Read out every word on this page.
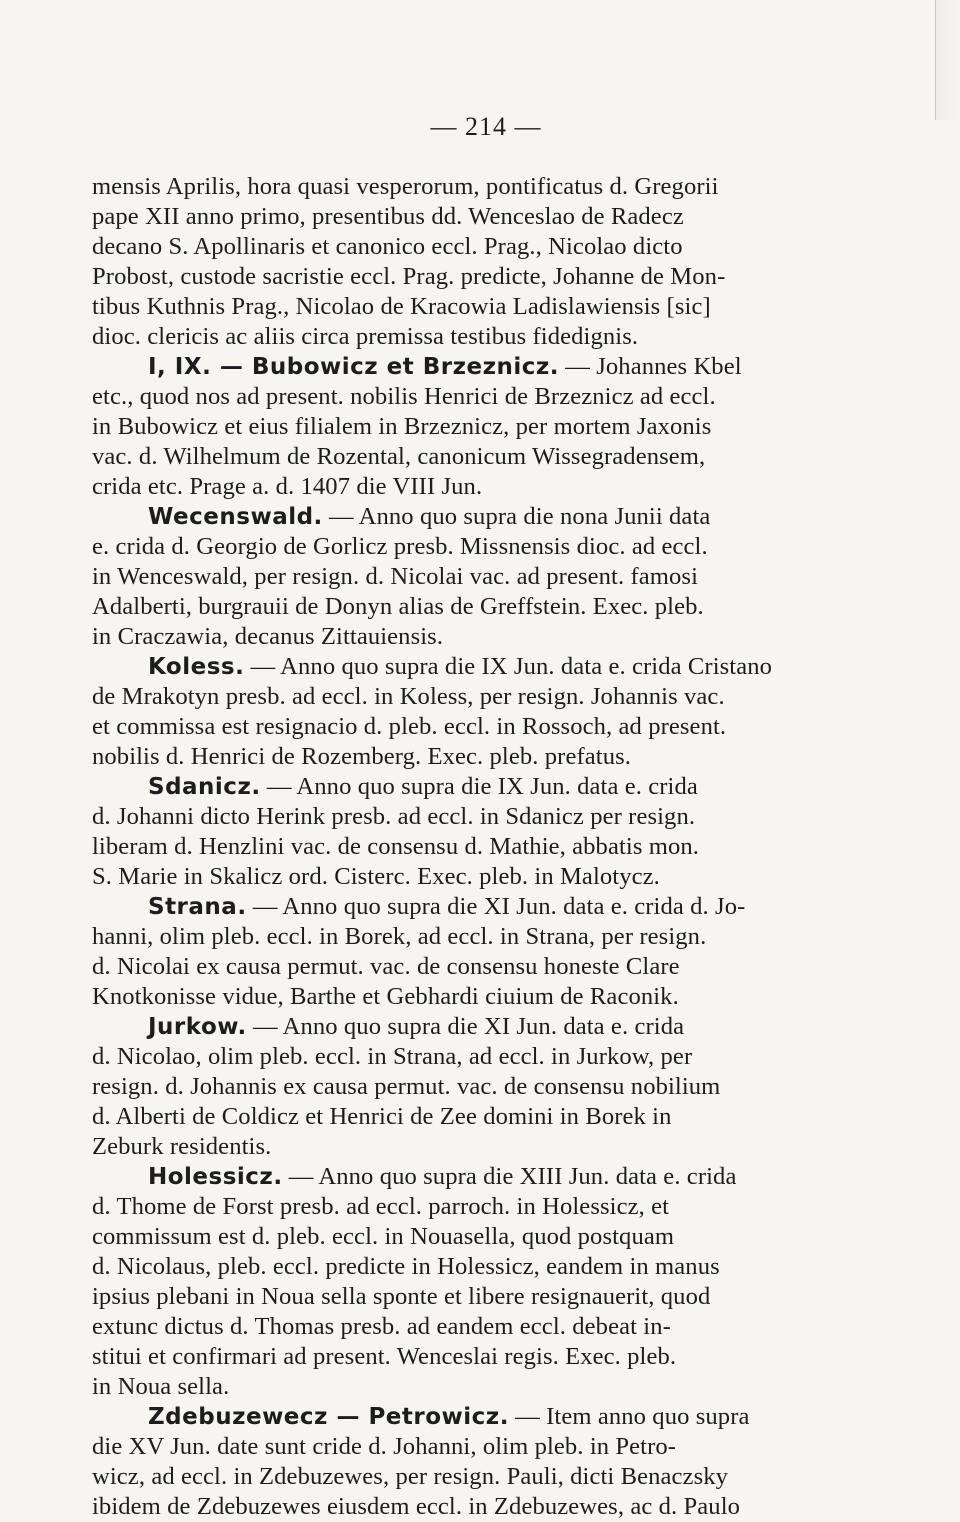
— 214 —
mensis Aprilis, hora quasi vesperorum, pontificatus d. Gregorii
pape XII anno primo, presentibus dd. Wenceslao de Radecz
decano S. Apollinaris et canonico eccl. Prag., Nicolao dicto
Probost, custode sacristie eccl. Prag. predicte, Johanne de Mon-
tibus Kuthnis Prag., Nicolao de Kracowia Ladislawiensis [sic]
dioc. clericis ac aliis circa premissa testibus fidedignis.
I, IX. — Bubowicz et Brzeznicz. — Johannes Kbel
etc., quod nos ad present. nobilis Henrici de Brzeznicz ad eccl.
in Bubowicz et eius filialem in Brzeznicz, per mortem Jaxonis
vac. d. Wilhelmum de Rozental, canonicum Wissegradensem,
crida etc. Prage a. d. 1407 die VIII Jun.
Wecenswald. — Anno quo supra die nona Junii data
e. crida d. Georgio de Gorlicz presb. Missnensis dioc. ad eccl.
in Wenceswald, per resign. d. Nicolai vac. ad present. famosi
Adalberti, burgrauii de Donyn alias de Greffstein. Exec. pleb.
in Craczawia, decanus Zittauiensis.
Koless. — Anno quo supra die IX Jun. data e. crida Cristano
de Mrakotyn presb. ad eccl. in Koless, per resign. Johannis vac.
et commissa est resignacio d. pleb. eccl. in Rossoch, ad present.
nobilis d. Henrici de Rozemberg. Exec. pleb. prefatus.
Sdanicz. — Anno quo supra die IX Jun. data e. crida
d. Johanni dicto Herink presb. ad eccl. in Sdanicz per resign.
liberam d. Henzlini vac. de consensu d. Mathie, abbatis mon.
S. Marie in Skalicz ord. Cisterc. Exec. pleb. in Malotycz.
Strana. — Anno quo supra die XI Jun. data e. crida d. Jo-
hanni, olim pleb. eccl. in Borek, ad eccl. in Strana, per resign.
d. Nicolai ex causa permut. vac. de consensu honeste Clare
Knotkonisse vidue, Barthe et Gebhardi ciuium de Raconik.
Jurkow. — Anno quo supra die XI Jun. data e. crida
d. Nicolao, olim pleb. eccl. in Strana, ad eccl. in Jurkow, per
resign. d. Johannis ex causa permut. vac. de consensu nobilium
d. Alberti de Coldicz et Henrici de Zee domini in Borek in
Zeburk residentis.
Holessicz. — Anno quo supra die XIII Jun. data e. crida
d. Thome de Forst presb. ad eccl. parroch. in Holessicz, et
commissum est d. pleb. eccl. in Nouasella, quod postquam
d. Nicolaus, pleb. eccl. predicte in Holessicz, eandem in manus
ipsius plebani in Noua sella sponte et libere resignauerit, quod
extunc dictus d. Thomas presb. ad eandem eccl. debeat in-
stitui et confirmari ad present. Wenceslai regis. Exec. pleb.
in Noua sella.
Zdebuzewecz — Petrowicz. — Item anno quo supra
die XV Jun. date sunt cride d. Johanni, olim pleb. in Petro-
wicz, ad eccl. in Zdebuzewes, per resign. Pauli, dicti Benaczsky
ibidem de Zdebuzewes eiusdem eccl. in Zdebuzewes, ac d. Paulo
